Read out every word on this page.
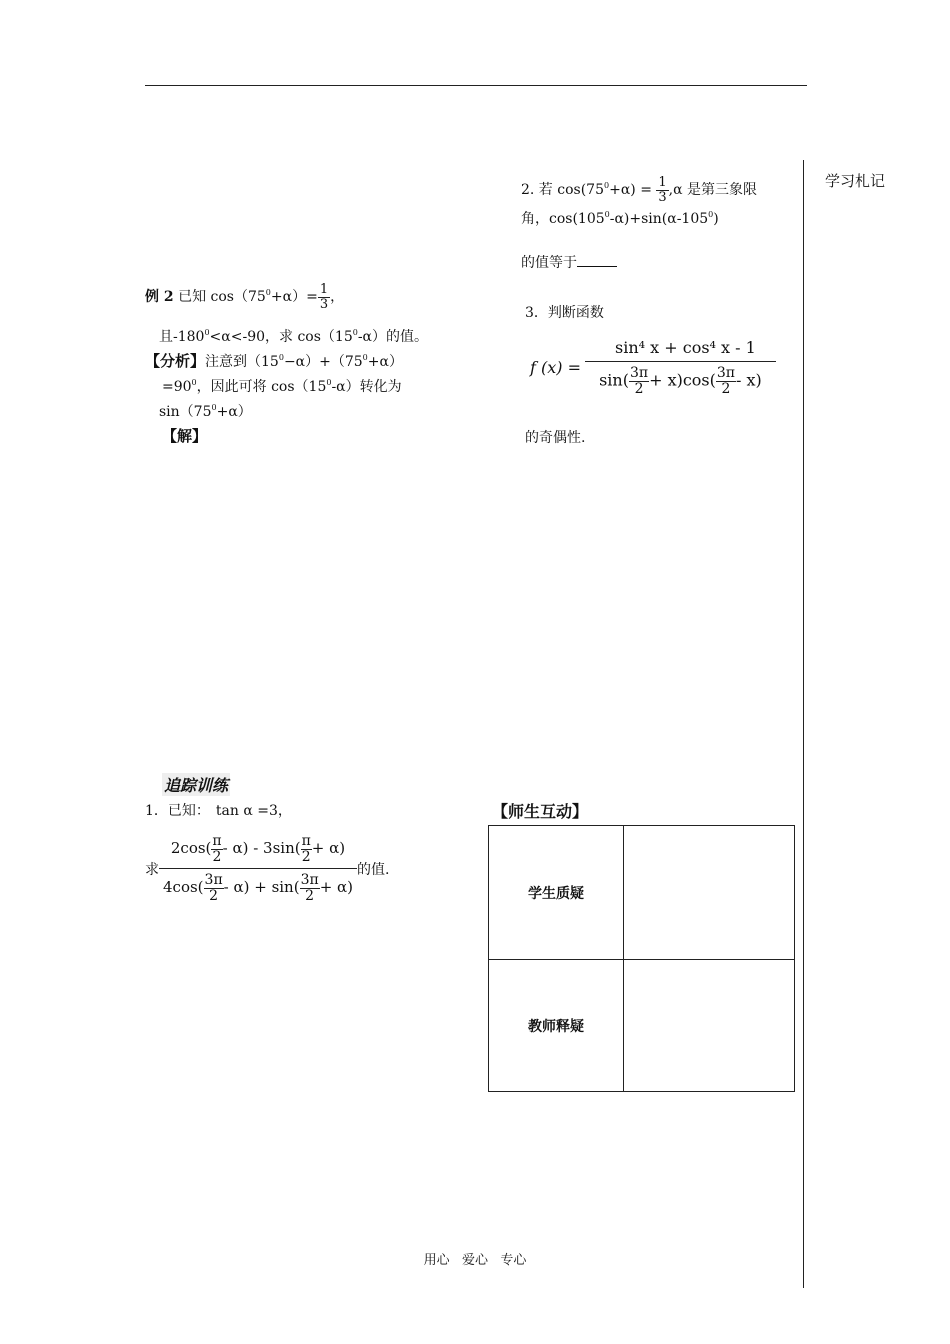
学习札记
2. 若 $\cos(75^0+\alpha) = \frac{1}{3} ,\alpha$ 是第三象限
角，$\cos(105^0-\alpha)+\sin(\alpha-105^0)$
的值等于
例 2 已知 $\cos(75^0+\alpha)= \frac{1}{3}$ ，
且$-180^0<\alpha<-90$，求 $\cos(15^0-\alpha)$的值。
【分析】注意到$(15^0-\alpha)+(75^0+\alpha)$
$=90^0$，因此可将 $\cos(15^0-\alpha)$转化为
$\sin(75^0+\alpha)$
【解】
3．判断函数
f $(x) = \frac{\text{sin⁴ x + cos⁴ x - 1}}{\sin( \frac{3\pi}{2} + x)\cos( \frac{3\pi}{2} - x)}$
的奇偶性.
追踪训练
1．已知： tan α =3，
求 $\frac{2\cos( \frac{\pi}{2} - \alpha) - 3\sin( \frac{\pi}{2} + \alpha)}{4\cos( \frac{3\pi}{2} - \alpha) + \sin( \frac{3\pi}{2} + \alpha)}$ 的值.
【师生互动】
学生质疑	
教师释疑	
用心   爱心   专心
